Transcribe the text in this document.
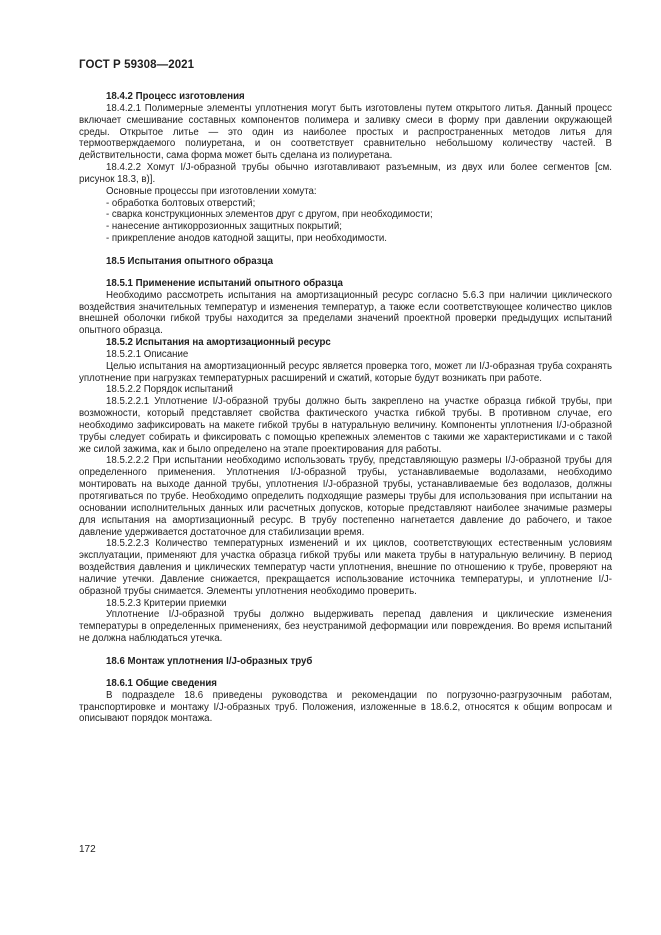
ГОСТ Р 59308—2021

18.4.2 Процесс изготовления

18.4.2.1 Полимерные элементы уплотнения могут быть изготовлены путем открытого литья. Данный процесс включает смешивание составных компонентов полимера и заливку смеси в форму при давлении окружающей среды. Открытое литье — это один из наиболее простых и распространенных методов литья для термоотверждаемого полиуретана, и он соответствует сравнительно небольшому количеству частей. В действительности, сама форма может быть сделана из полиуретана.

18.4.2.2 Хомут I/J-образной трубы обычно изготавливают разъемным, из двух или более сегментов [см. рисунок 18.3, в)].

Основные процессы при изготовлении хомута:

- обработка болтовых отверстий;

- сварка конструкционных элементов друг с другом, при необходимости;

- нанесение антикоррозионных защитных покрытий;

- прикрепление анодов катодной защиты, при необходимости.

18.5 Испытания опытного образца

18.5.1 Применение испытаний опытного образца

Необходимо рассмотреть испытания на амортизационный ресурс согласно 5.6.3 при наличии циклического воздействия значительных температур и изменения температур, а также если соответствующее количество циклов внешней оболочки гибкой трубы находится за пределами значений проектной проверки предыдущих испытаний опытного образца.

18.5.2 Испытания на амортизационный ресурс

18.5.2.1 Описание

Целью испытания на амортизационный ресурс является проверка того, может ли I/J-образная труба сохранять уплотнение при нагрузках температурных расширений и сжатий, которые будут возникать при работе.

18.5.2.2 Порядок испытаний

18.5.2.2.1 Уплотнение I/J-образной трубы должно быть закреплено на участке образца гибкой трубы, при возможности, который представляет свойства фактического участка гибкой трубы. В противном случае, его необходимо зафиксировать на макете гибкой трубы в натуральную величину. Компоненты уплотнения I/J-образной трубы следует собирать и фиксировать с помощью крепежных элементов с такими же характеристиками и с такой же силой зажима, как и было определено на этапе проектирования для работы.

18.5.2.2.2 При испытании необходимо использовать трубу, представляющую размеры I/J-образной трубы для определенного применения. Уплотнения I/J-образной трубы, устанавливаемые водолазами, необходимо монтировать на выходе данной трубы, уплотнения I/J-образной трубы, устанавливаемые без водолазов, должны протягиваться по трубе. Необходимо определить подходящие размеры трубы для использования при испытании на основании исполнительных данных или расчетных допусков, которые представляют наиболее значимые размеры для испытания на амортизационный ресурс. В трубу постепенно нагнетается давление до рабочего, и такое давление удерживается достаточное для стабилизации время.

18.5.2.2.3 Количество температурных изменений и их циклов, соответствующих естественным условиям эксплуатации, применяют для участка образца гибкой трубы или макета трубы в натуральную величину. В период воздействия давления и циклических температур части уплотнения, внешние по отношению к трубе, проверяют на наличие утечки. Давление снижается, прекращается использование источника температуры, и уплотнение I/J-образной трубы снимается. Элементы уплотнения необходимо проверить.

18.5.2.3 Критерии приемки

Уплотнение I/J-образной трубы должно выдерживать перепад давления и циклические изменения температуры в определенных применениях, без неустранимой деформации или повреждения. Во время испытаний не должна наблюдаться утечка.

18.6 Монтаж уплотнения I/J-образных труб

18.6.1 Общие сведения

В подразделе 18.6 приведены руководства и рекомендации по погрузочно-разгрузочным работам, транспортировке и монтажу I/J-образных труб. Положения, изложенные в 18.6.2, относятся к общим вопросам и описывают порядок монтажа.

172
